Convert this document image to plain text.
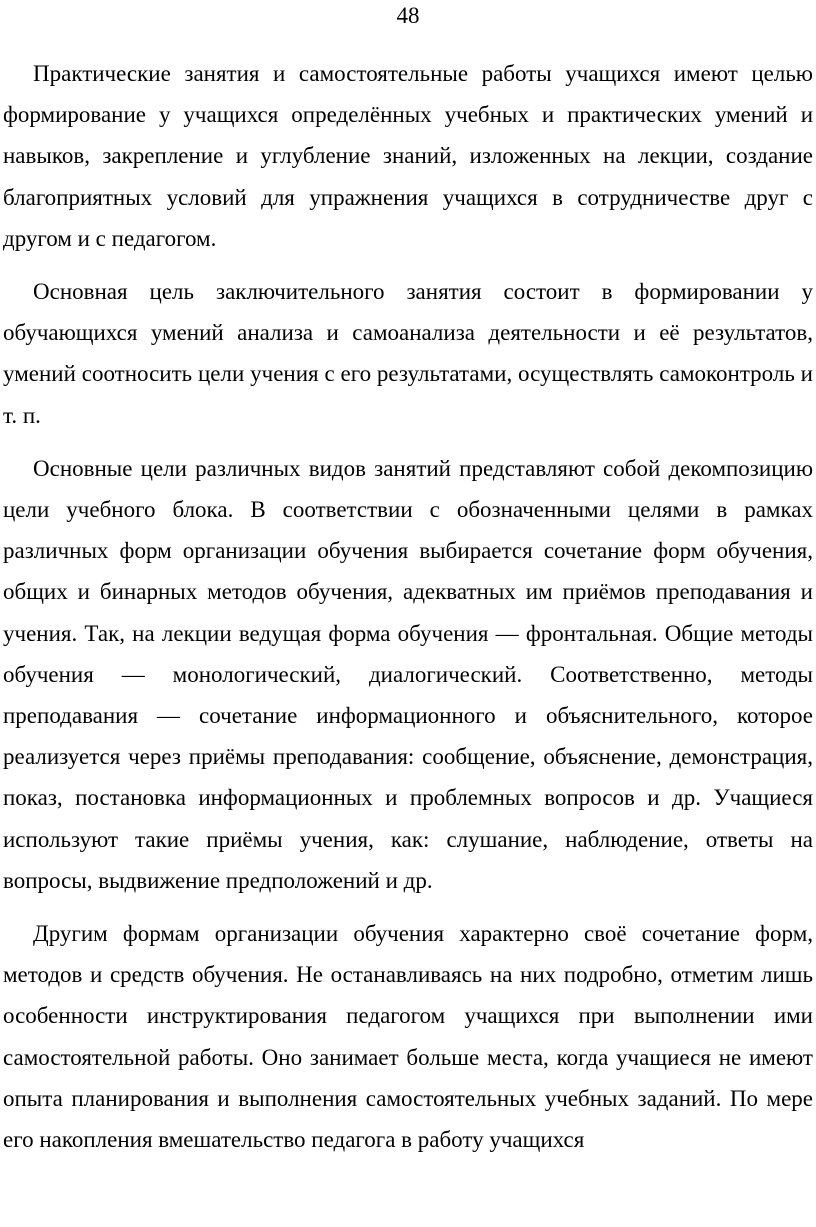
48

Практические занятия и самостоятельные работы учащихся имеют целью формирование у учащихся определённых учебных и практических умений и навыков, закрепление и углубление знаний, изложенных на лекции, создание благоприятных условий для упражнения учащихся в сотрудничестве друг с другом и с педагогом.

Основная цель заключительного занятия состоит в формировании у обучающихся умений анализа и самоанализа деятельности и её результатов, умений соотносить цели учения с его результатами, осуществлять самоконтроль и т. п.

Основные цели различных видов занятий представляют собой декомпозицию цели учебного блока. В соответствии с обозначенными целями в рамках различных форм организации обучения выбирается сочетание форм обучения, общих и бинарных методов обучения, адекватных им приёмов преподавания и учения. Так, на лекции ведущая форма обучения — фронтальная. Общие методы обучения — монологический, диалогический. Соответственно, методы преподавания — сочетание информационного и объяснительного, которое реализуется через приёмы преподавания: сообщение, объяснение, демонстрация, показ, постановка информационных и проблемных вопросов и др. Учащиеся используют такие приёмы учения, как: слушание, наблюдение, ответы на вопросы, выдвижение предположений и др.

Другим формам организации обучения характерно своё сочетание форм, методов и средств обучения. Не останавливаясь на них подробно, отметим лишь особенности инструктирования педагогом учащихся при выполнении ими самостоятельной работы. Оно занимает больше места, когда учащиеся не имеют опыта планирования и выполнения самостоятельных учебных заданий. По мере его накопления вмешательство педагога в работу учащихся
